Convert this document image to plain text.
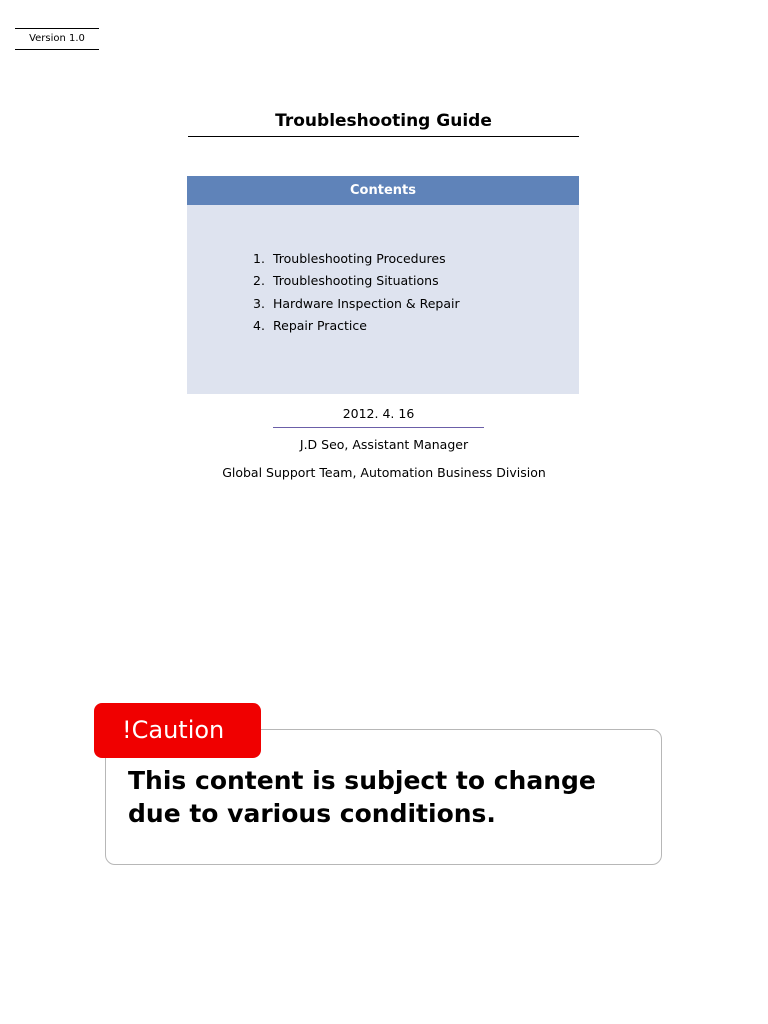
Version 1.0
Troubleshooting Guide
Contents
1. Troubleshooting Procedures
2. Troubleshooting Situations
3. Hardware Inspection & Repair
4. Repair Practice
2012. 4. 16
J.D Seo, Assistant Manager
Global Support Team, Automation Business Division
!Caution
This content is subject to change due to various conditions.
